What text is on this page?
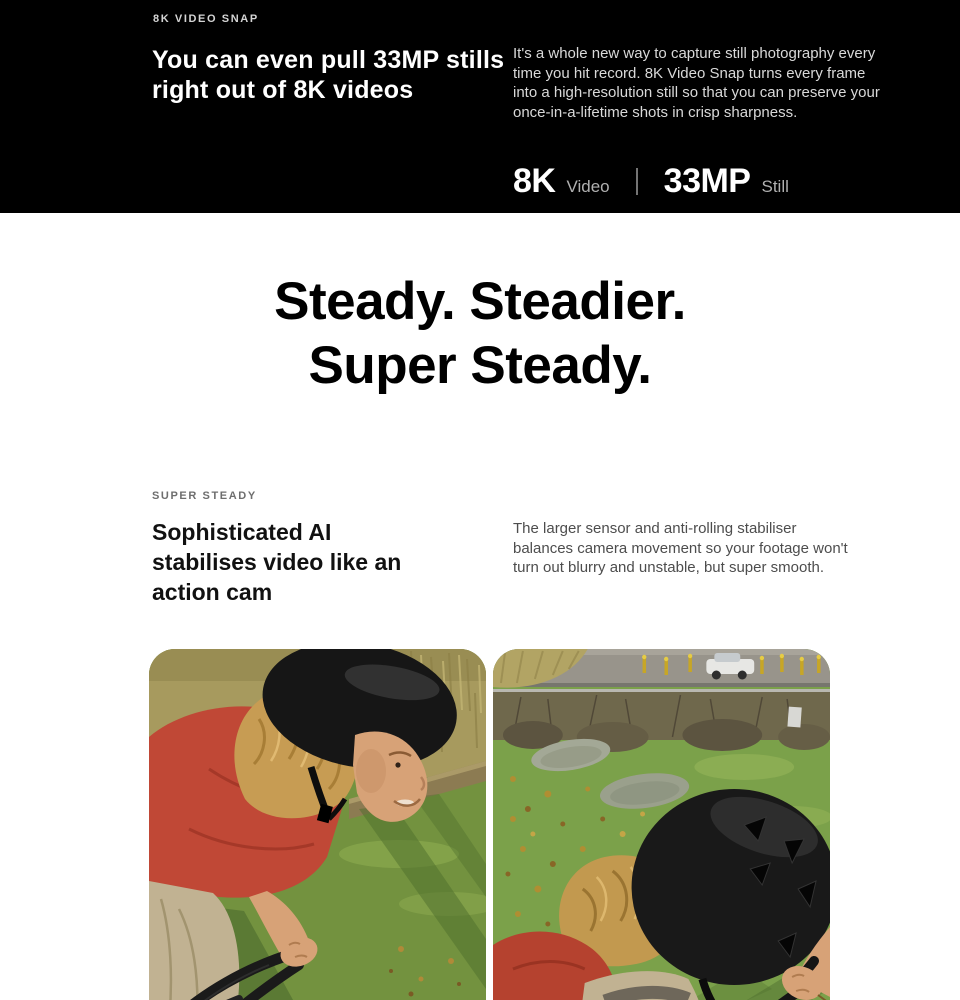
8K VIDEO SNAP
You can even pull 33MP stills
right out of 8K videos

It's a whole new way to capture still photography every time you hit record. 8K Video Snap turns every frame into a high-resolution still so that you can preserve your once-in-a-lifetime shots in crisp sharpness.

8K Video 33MP Still
Steady. Steadier.
Super Steady.
SUPER STEADY
Sophisticated AI
stabilises video like an
action cam

The larger sensor and anti-rolling stabiliser balances camera movement so your footage won't turn out blurry and unstable, but super smooth.
